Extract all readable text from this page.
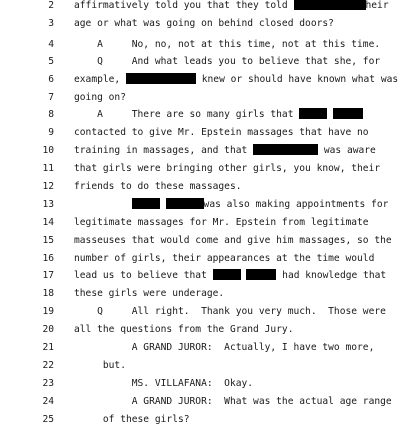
2 affirmatively told you that they told	heir
3 age or what was going on behind closed doors?
4 A     No, no, not at this time, not at this time.
5 Q     And what leads you to believe that she, for
6 example,	knew or should have known what was
7 going on?
8 A     There are so many girls that
9 contacted to give Mr. Epstein massages that have no
10 training in massages, and that	was aware
11 that girls were bringing other girls, you know, their
12 friends to do these massages.
13	was also making appointments for
14 legitimate massages for Mr. Epstein from legitimate
15 masseuses that would come and give him massages, so the
16 number of girls, their appearances at the time would
17 lead us to believe that	had knowledge that
18 these girls were underage.
19 Q     All right.  Thank you very much.  Those were
20 all the questions from the Grand Jury.
21 A GRAND JUROR:  Actually, I have two more,
22 but.
23 MS. VILLAFANA:  Okay.
24 A GRAND JUROR:  What was the actual age range
25 of these girls?
